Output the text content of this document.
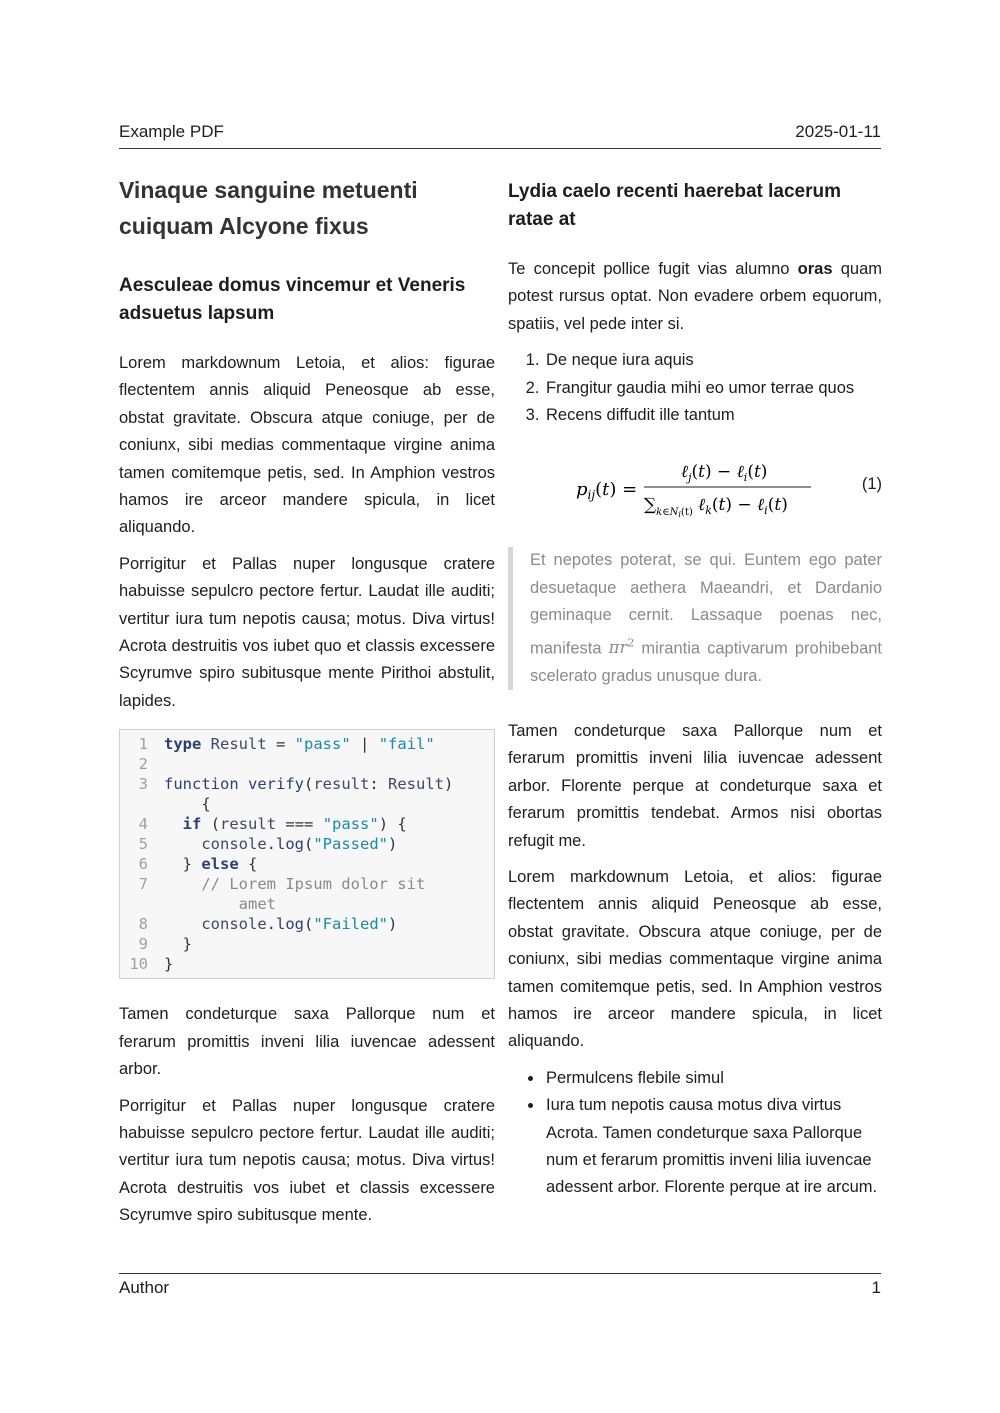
Example PDF	2025-01-11
Vinaque sanguine metuenti cuiquam Alcyone fixus
Aesculeae domus vincemur et Veneris adsuetus lapsum

Lorem markdownum Letoia, et alios: figurae flectentem annis aliquid Peneosque ab esse, obstat gravitate. Obscura atque coniuge, per de coniunx, sibi medias commentaque virgine anima tamen comitemque petis, sed. In Amphion vestros hamos ire arceor mandere spicula, in licet aliquando.

Porrigitur et Pallas nuper longusque cratere habuisse sepulcro pectore fertur. Laudat ille auditi; vertitur iura tum nepotis causa; motus. Diva virtus! Acrota destruitis vos iubet quo et classis excessere Scyrumve spiro subitusque mente Pirithoi abstulit, lapides.

1	type Result = "pass" | "fail"
2

3	function verify(result: Result)
{
4	if (result === "pass") {
5	console.log("Passed")
6	} else {
7	// Lorem Ipsum dolor sit
amet
8	console.log("Failed")
9	}
10	}

Tamen condeturque saxa Pallorque num et ferarum promittis inveni lilia iuvencae adessent arbor.

Porrigitur et Pallas nuper longusque cratere habuisse sepulcro pectore fertur. Laudat ille auditi; vertitur iura tum nepotis causa; motus. Diva virtus! Acrota destruitis vos iubet et classis excessere Scyrumve spiro subitusque mente.

Lydia caelo recenti haerebat lacerum ratae at

Te concepit pollice fugit vias alumno oras quam potest rursus optat. Non evadere orbem equorum, spatiis, vel pede inter si.

1. De neque iura aquis
2. Frangitur gaudia mihi eo umor terrae quos
3. Recens diffudit ille tantum
$p_{ij}(t)$ =
ℓ$_j$(t) − ℓ$_i$(t)
$\sum_{k\in N}i(t)$ ℓ$_k$(t) − ℓ$_i$(t)
(1)

Et nepotes poterat, se qui. Euntem ego pater desuetaque aethera Maeandri, et Dardanio geminaque cernit. Lassaque poenas nec, manifesta $\pi r^2$ mirantia captivarum prohibebant scelerato gradus unusque dura.

Tamen condeturque saxa Pallorque num et ferarum promittis inveni lilia iuvencae adessent arbor. Florente perque at condeturque saxa et ferarum promittis tendebat. Armos nisi obortas refugit me.

Lorem markdownum Letoia, et alios: figurae flectentem annis aliquid Peneosque ab esse, obstat gravitate. Obscura atque coniuge, per de coniunx, sibi medias commentaque virgine anima tamen comitemque petis, sed. In Amphion vestros hamos ire arceor mandere spicula, in licet aliquando.

• Permulcens flebile simul
• Iura tum nepotis causa motus diva virtus Acrota. Tamen condeturque saxa Pallorque num et ferarum promittis inveni lilia iuvencae adessent arbor. Florente perque at ire arcum.
Author	1
